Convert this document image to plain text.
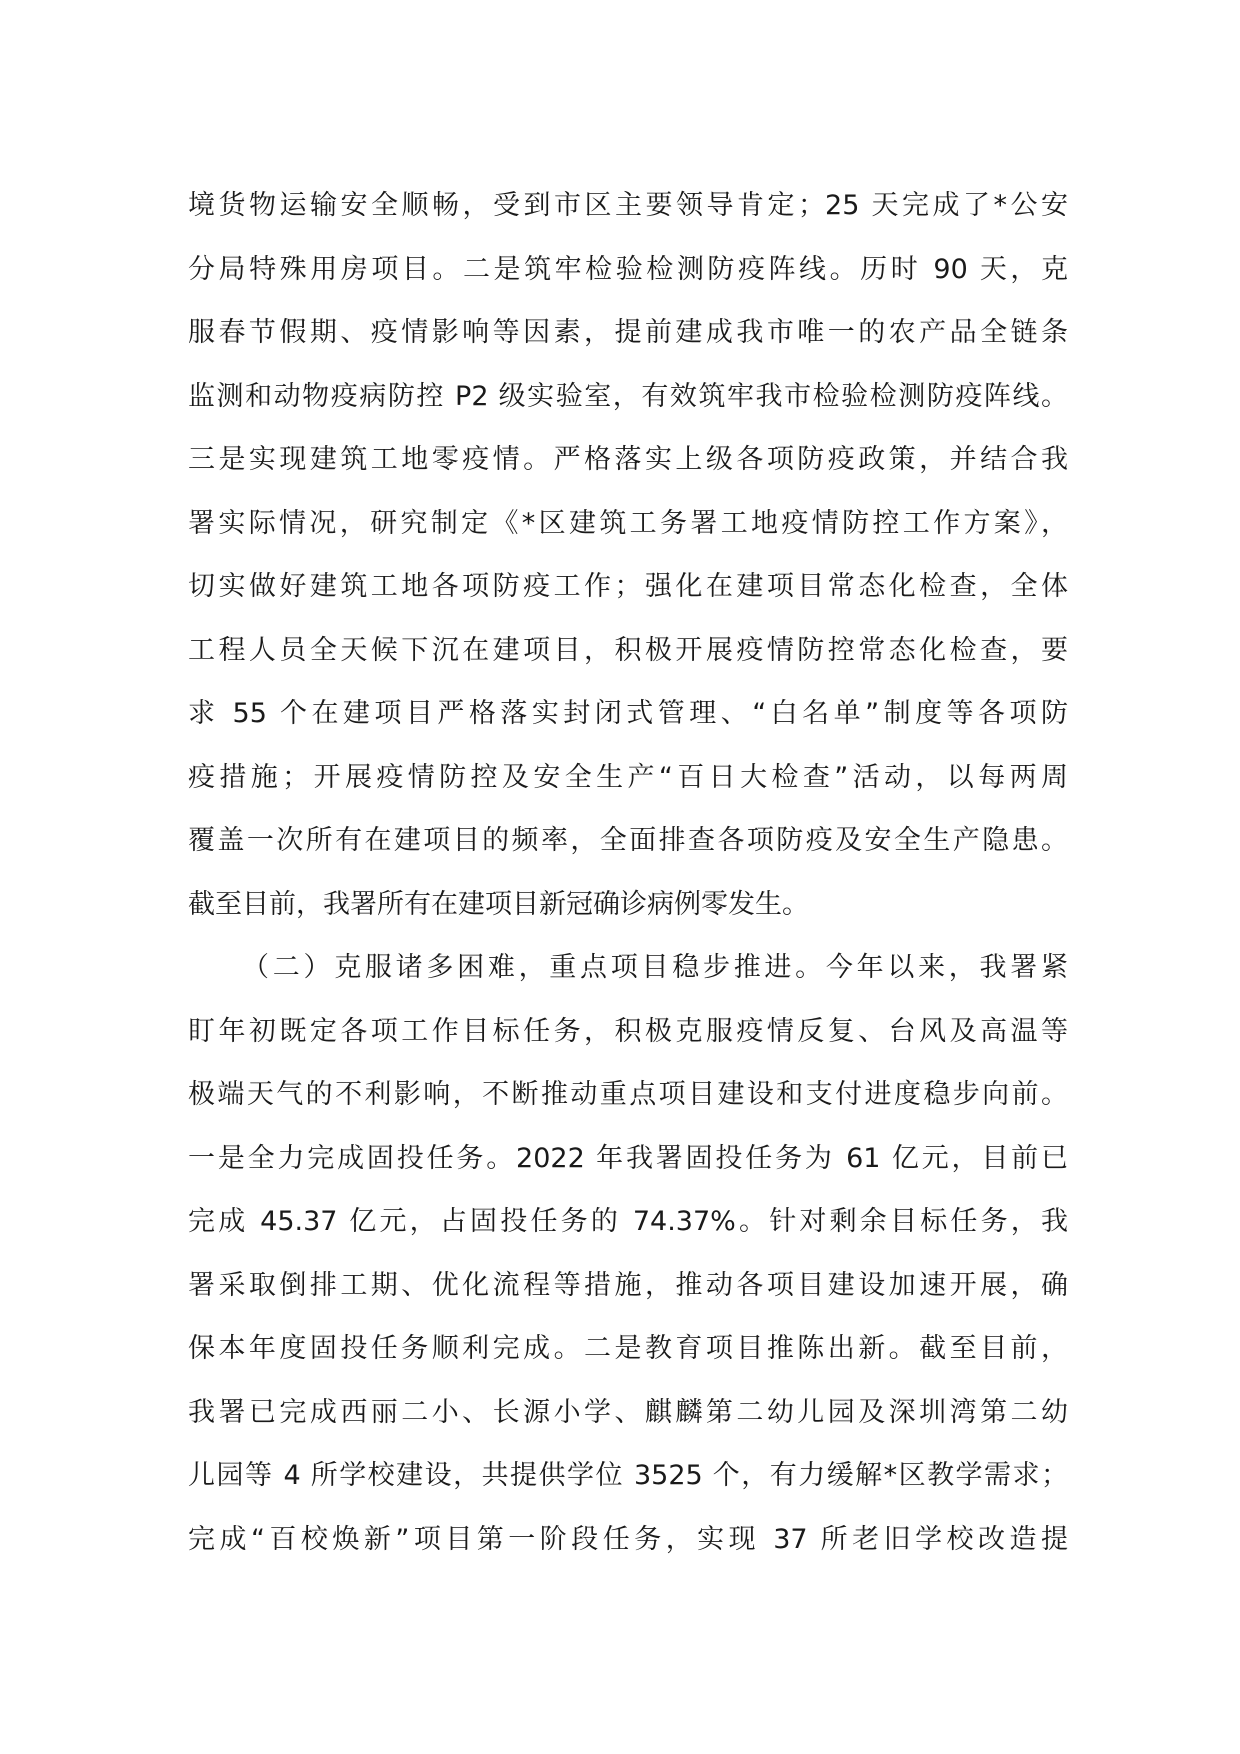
境货物运输安全顺畅，受到市区主要领导肯定；25 天完成了*公安
分局特殊用房项目。二是筑牢检验检测防疫阵线。历时 90 天，克
服春节假期、疫情影响等因素，提前建成我市唯一的农产品全链条
监测和动物疫病防控 P2 级实验室，有效筑牢我市检验检测防疫阵线。
三是实现建筑工地零疫情。严格落实上级各项防疫政策，并结合我
署实际情况，研究制定《*区建筑工务署工地疫情防控工作方案》，
切实做好建筑工地各项防疫工作；强化在建项目常态化检查，全体
工程人员全天候下沉在建项目，积极开展疫情防控常态化检查，要
求 55 个在建项目严格落实封闭式管理、“白名单”制度等各项防
疫措施；开展疫情防控及安全生产“百日大检查”活动，以每两周
覆盖一次所有在建项目的频率，全面排查各项防疫及安全生产隐患。
截至目前，我署所有在建项目新冠确诊病例零发生。
（二）克服诸多困难，重点项目稳步推进。今年以来，我署紧
盯年初既定各项工作目标任务，积极克服疫情反复、台风及高温等
极端天气的不利影响，不断推动重点项目建设和支付进度稳步向前。
一是全力完成固投任务。2022 年我署固投任务为 61 亿元，目前已
完成 45.37 亿元，占固投任务的 74.37%。针对剩余目标任务，我
署采取倒排工期、优化流程等措施，推动各项目建设加速开展，确
保本年度固投任务顺利完成。二是教育项目推陈出新。截至目前，
我署已完成西丽二小、长源小学、麒麟第二幼儿园及深圳湾第二幼
儿园等 4 所学校建设，共提供学位 3525 个，有力缓解*区教学需求；
完成“百校焕新”项目第一阶段任务，实现 37 所老旧学校改造提
